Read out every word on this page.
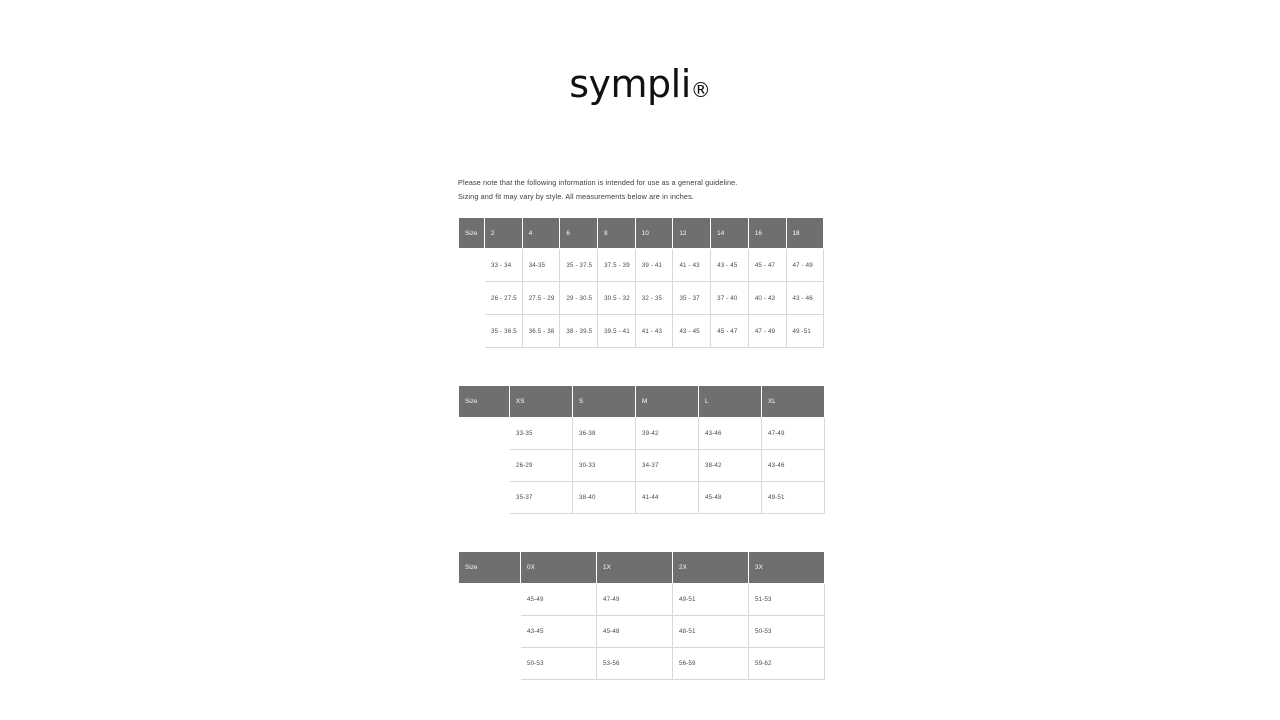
sympli®

Please note that the following information is intended for use as a general guideline.
Sizing and fit may vary by style. All measurements below are in inches.

Size	2	4	6	8	10	12	14	16	18
Bust	33 - 34	34-35	35 - 37.5	37.5 - 39	39 - 41	41 - 43	43 - 45	45 - 47	47 - 49
Waist	26 - 27.5	27.5 - 29	29 - 30.5	30.5 - 32	32 - 35	35 - 37	37 - 40	40 - 43	43 - 46
Hip	35 - 36.5	36.5 - 38	38 - 39.5	39.5 - 41	41 - 43	43 - 45	45 - 47	47 - 49	49 -51
Size	XS	S	M	L	XL
Bust	33-35	36-38	39-42	43-46	47-49
Waist	26-29	30-33	34-37	38-42	43-46
Hip	35-37	38-40	41-44	45-48	49-51
Size	0X	1X	2X	3X
Bust	45-49	47-49	49-51	51-53
Waist	43-45	45-48	48-51	50-53
Hip	50-53	53-56	56-59	59-62
